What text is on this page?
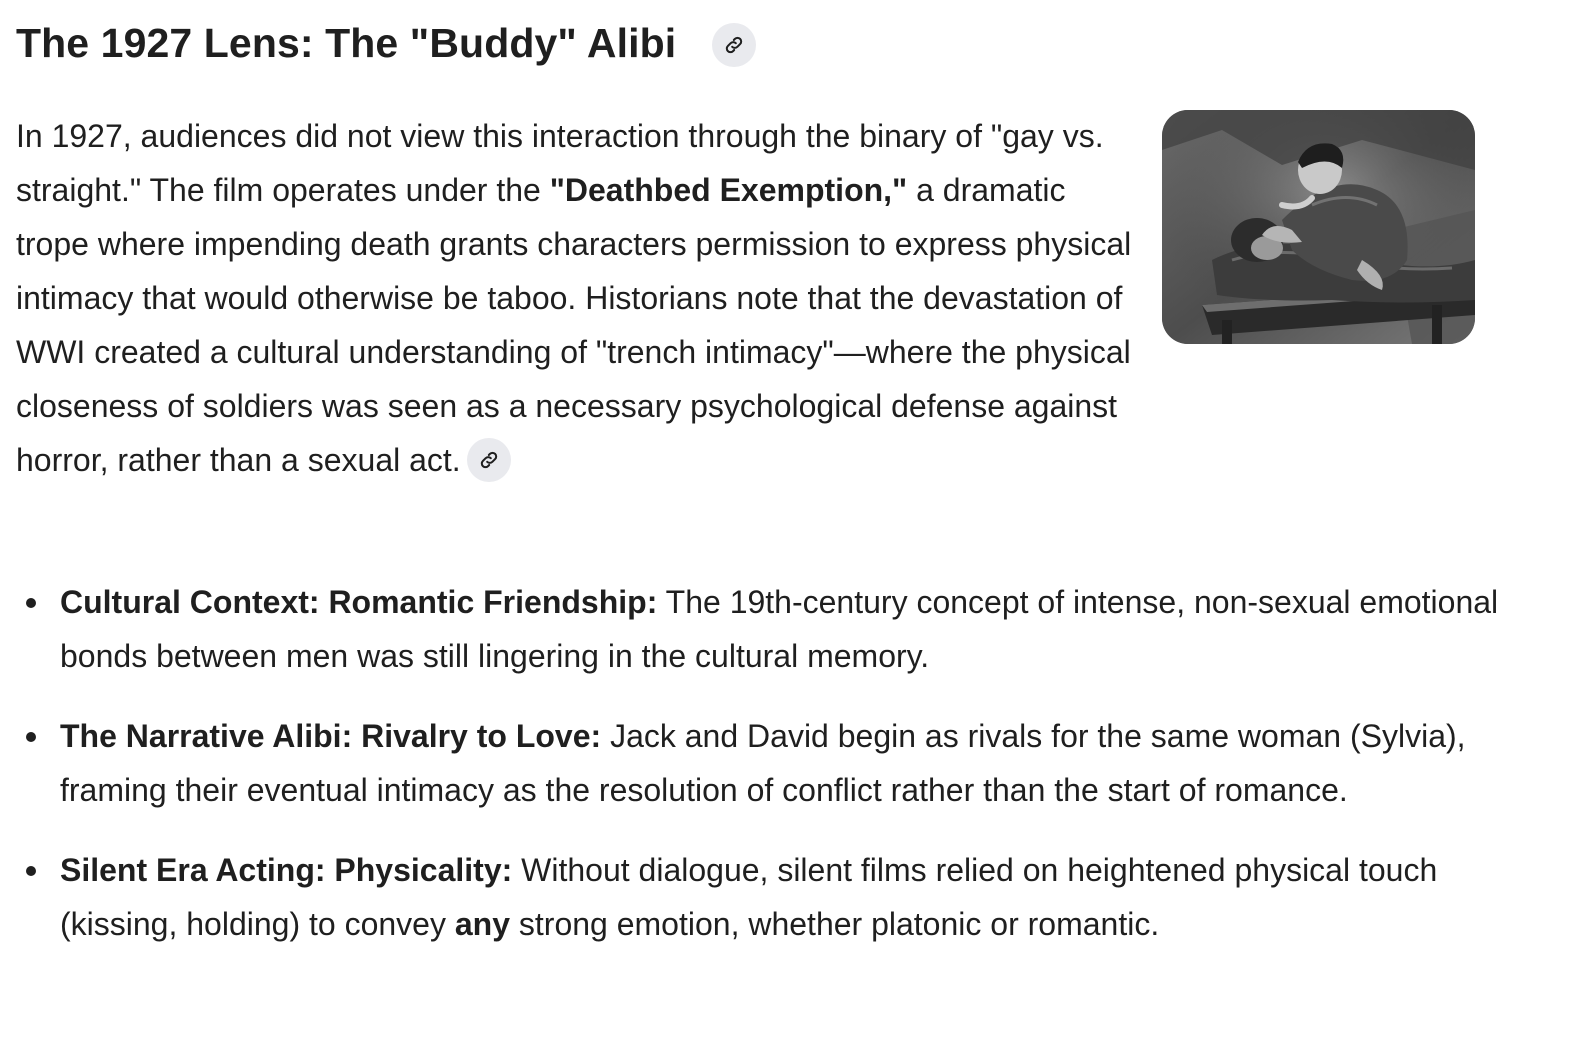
The 1927 Lens: The "Buddy" Alibi

In 1927, audiences did not view this interaction through the binary of "gay vs. straight." The film operates under the "Deathbed Exemption," a dramatic trope where impending death grants characters permission to express physical intimacy that would otherwise be taboo. Historians note that the devastation of WWI created a cultural understanding of "trench intimacy"—where the physical closeness of soldiers was seen as a necessary psychological defense against horror, rather than a sexual act.

Cultural Context: Romantic Friendship: The 19th-century concept of intense, non-sexual emotional bonds between men was still lingering in the cultural memory.
The Narrative Alibi: Rivalry to Love: Jack and David begin as rivals for the same woman (Sylvia), framing their eventual intimacy as the resolution of conflict rather than the start of romance.
Silent Era Acting: Physicality: Without dialogue, silent films relied on heightened physical touch (kissing, holding) to convey any strong emotion, whether platonic or romantic.
